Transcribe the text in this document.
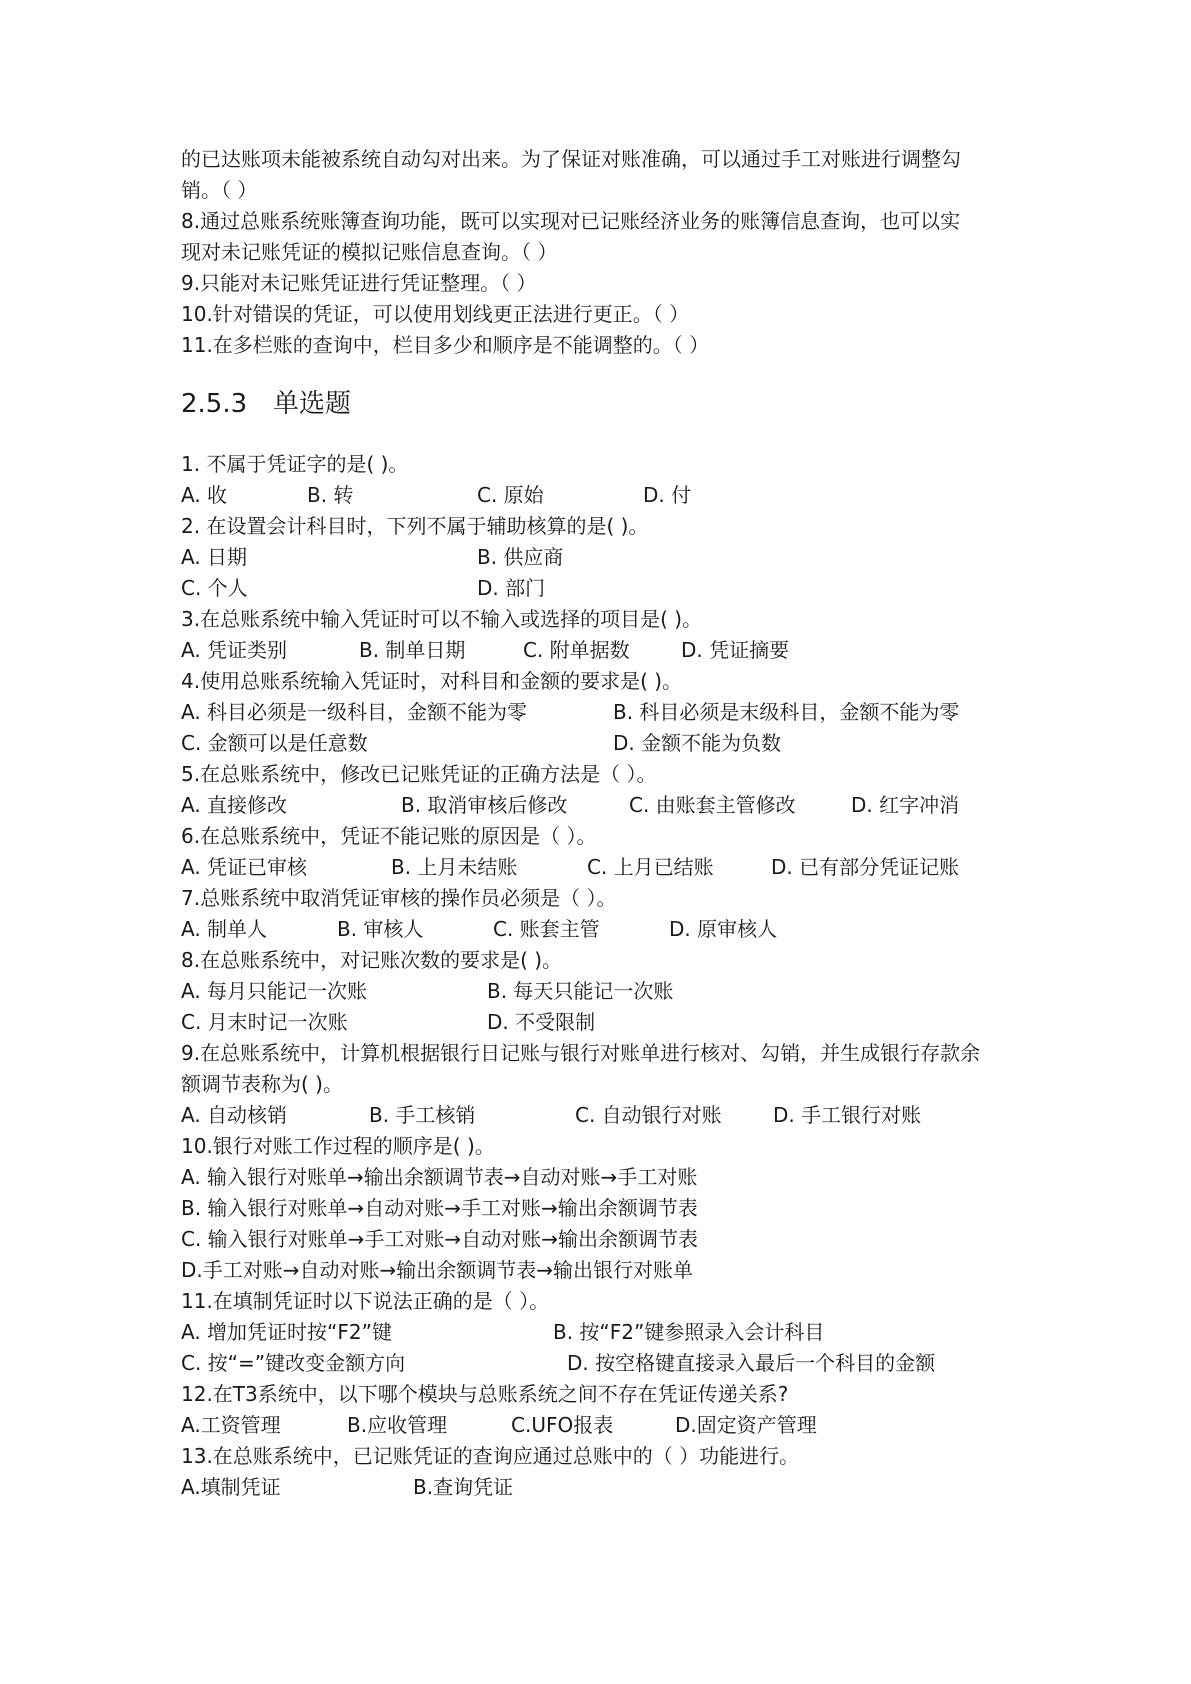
的已达账项未能被系统自动勾对出来。为了保证对账准确，可以通过手工对账进行调整勾
销。（ ）
8.通过总账系统账簿查询功能，既可以实现对已记账经济业务的账簿信息查询，也可以实
现对未记账凭证的模拟记账信息查询。（ ）
9.只能对未记账凭证进行凭证整理。（ ）
10.针对错误的凭证，可以使用划线更正法进行更正。（ ）
11.在多栏账的查询中，栏目多少和顺序是不能调整的。（ ）
2.5.3 单选题
1. 不属于凭证字的是( )。
A. 收	B. 转	C. 原始	D. 付
2. 在设置会计科目时，下列不属于辅助核算的是( )。
A. 日期	B. 供应商
C. 个人	D. 部门
3.在总账系统中输入凭证时可以不输入或选择的项目是( )。
A. 凭证类别	B. 制单日期	C. 附单据数	D. 凭证摘要
4.使用总账系统输入凭证时，对科目和金额的要求是( )。
A. 科目必须是一级科目，金额不能为零	B. 科目必须是末级科目，金额不能为零
C. 金额可以是任意数	D. 金额不能为负数
5.在总账系统中，修改已记账凭证的正确方法是（ ）。
A. 直接修改	B. 取消审核后修改	C. 由账套主管修改	D. 红字冲消
6.在总账系统中，凭证不能记账的原因是（ ）。
A. 凭证已审核	B. 上月未结账	C. 上月已结账	D. 已有部分凭证记账
7.总账系统中取消凭证审核的操作员必须是（ ）。
A. 制单人	B. 审核人	C. 账套主管	D. 原审核人
8.在总账系统中，对记账次数的要求是( )。
A. 每月只能记一次账	B. 每天只能记一次账
C. 月末时记一次账	D. 不受限制
9.在总账系统中，计算机根据银行日记账与银行对账单进行核对、勾销，并生成银行存款余
额调节表称为( )。
A. 自动核销	B. 手工核销	C. 自动银行对账	D. 手工银行对账
10.银行对账工作过程的顺序是( )。
A. 输入银行对账单→输出余额调节表→自动对账→手工对账
B. 输入银行对账单→自动对账→手工对账→输出余额调节表
C. 输入银行对账单→手工对账→自动对账→输出余额调节表
D.手工对账→自动对账→输出余额调节表→输出银行对账单
11.在填制凭证时以下说法正确的是（ ）。
A. 增加凭证时按“F2”键	B. 按“F2”键参照录入会计科目
C. 按“=”键改变金额方向	D. 按空格键直接录入最后一个科目的金额
12.在T3系统中，以下哪个模块与总账系统之间不存在凭证传递关系?
A.工资管理	B.应收管理	C.UFO报表	D.固定资产管理
13.在总账系统中，已记账凭证的查询应通过总账中的（ ）功能进行。
A.填制凭证	B.查询凭证
